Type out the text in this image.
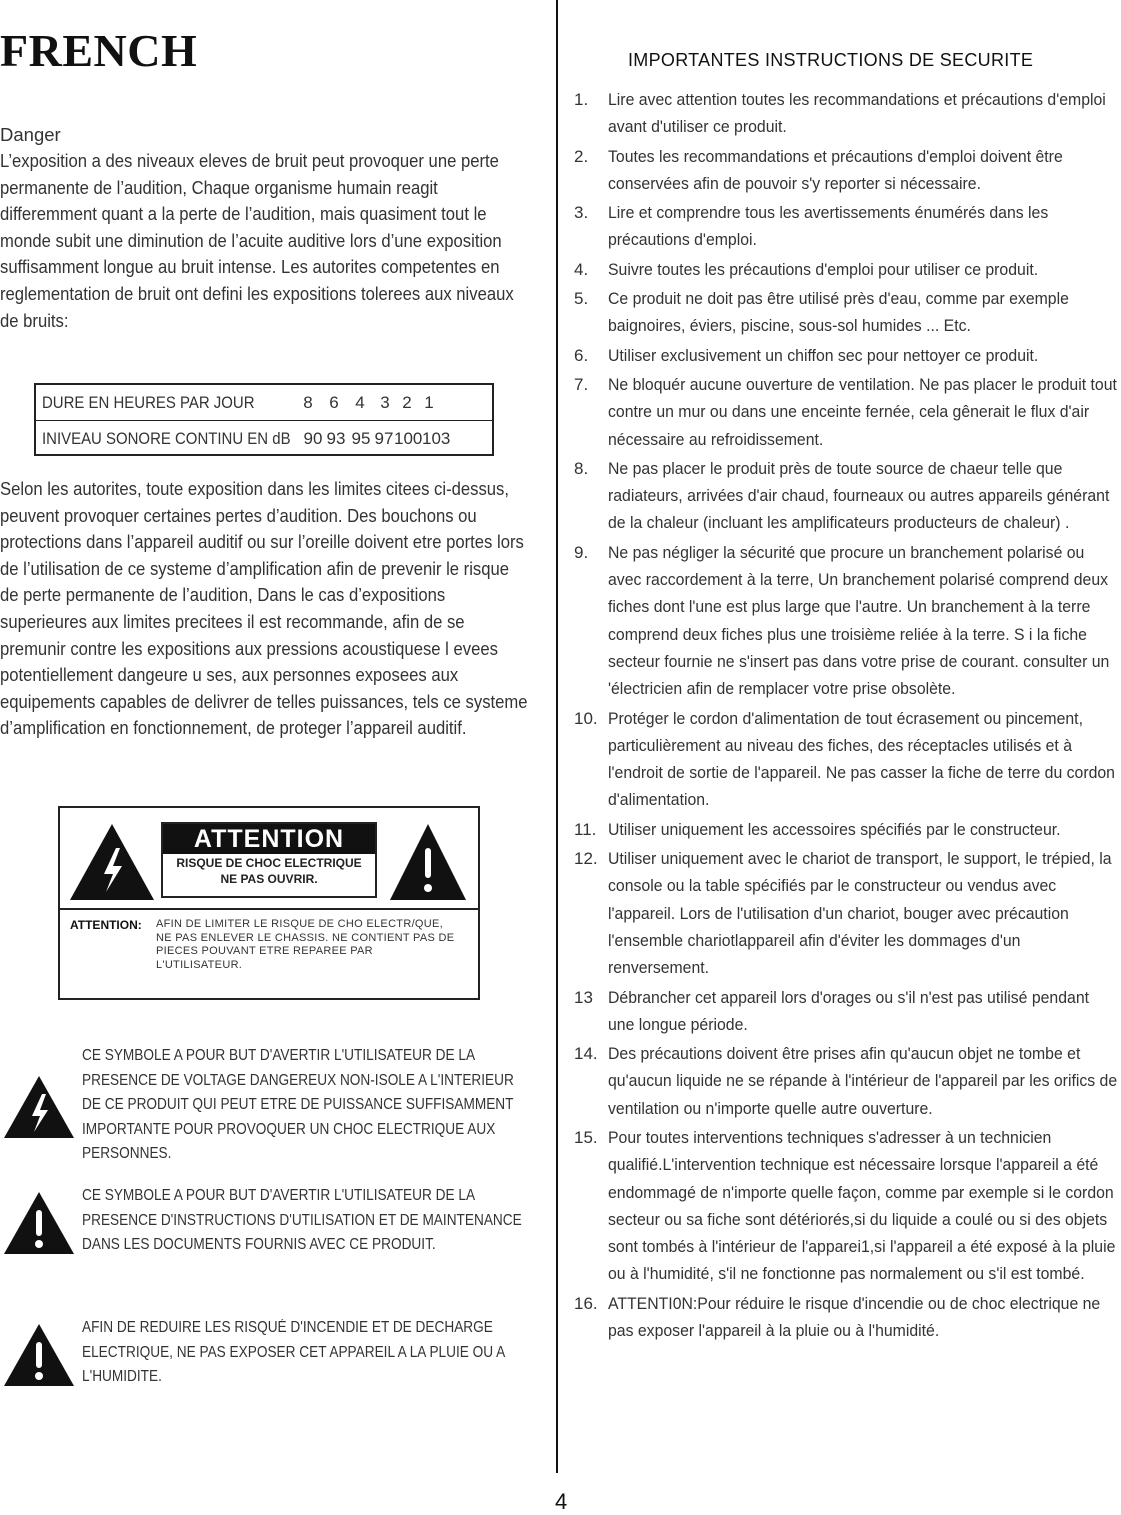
FRENCH
Danger
L’exposition a des niveaux eleves de bruit peut provoquer une perte permanente de l’audition, Chaque organisme humain reagit differemment quant a la perte de l’audition, mais quasiment tout le monde subit une diminution de l’acuite auditive lors d’une exposition suffisamment longue au bruit intense. Les autorites competentes en reglementation de bruit ont defini les expositions tolerees aux niveaux de bruits:
DURE EN HEURES PAR JOUR	8 6 4 3 2 1
INIVEAU SONORE CONTINU EN dB 90 93 95 97 100 103
Selon les autorites, toute exposition dans les limites citees ci-dessus, peuvent provoquer certaines pertes d’audition. Des bouchons ou protections dans l’appareil auditif ou sur l’oreille doivent etre portes lors de l’utilisation de ce systeme d’amplification afin de prevenir le risque de perte permanente de l’audition, Dans le cas d’expositions superieures aux limites precitees il est recommande, afin de se premunir contre les expositions aux pressions acoustiquese l evees potentiellement dangeure u ses, aux personnes exposees aux equipements capables de delivrer de telles puissances, tels ce systeme d’amplification en fonctionnement, de proteger l’appareil auditif.
ATTENTION
RISQUE DE CHOC ELECTRIQUE
NE PAS OUVRIR.
ATTENTION: AFIN DE LIMITER LE RISQUE DE CHO ELECTR/QUE, NE PAS ENLEVER LE CHASSIS. NE CONTIENT PAS DE PIECES POUVANT ETRE REPAREE PAR L'UTILISATEUR.
CE SYMBOLE A POUR BUT D'AVERTIR L'UTILISATEUR DE LA PRESENCE DE VOLTAGE DANGEREUX NON-ISOLE A L'INTERIEUR DE CE PRODUIT QUI PEUT ETRE DE PUISSANCE SUFFISAMMENT IMPORTANTE POUR PROVOQUER UN CHOC ELECTRIQUE AUX PERSONNES.
CE SYMBOLE A POUR BUT D'AVERTIR L'UTILISATEUR DE LA PRESENCE D'INSTRUCTIONS D'UTILISATION ET DE MAINTENANCE DANS LES DOCUMENTS FOURNIS AVEC CE PRODUIT.
AFIN DE REDUIRE LES RISQUÉ D'INCENDIE ET DE DECHARGE ELECTRIQUE, NE PAS EXPOSER CET APPAREIL A LA PLUIE OU A L'HUMIDITE.
IMPORTANTES INSTRUCTIONS DE SECURITE
1.	Lire avec attention toutes les recommandations et précautions d'emploi avant d'utiliser ce produit.
2.	Toutes les recommandations et précautions d'emploi doivent être conservées afin de pouvoir s'y reporter si nécessaire.
3.	Lire et comprendre tous les avertissements énumérés dans les précautions d'emploi.
4.	Suivre toutes les précautions d'emploi pour utiliser ce produit.
5.	Ce produit ne doit pas être utilisé près d'eau, comme par exemple baignoires, éviers, piscine, sous-sol humides ... Etc.
6.	Utiliser exclusivement un chiffon sec pour nettoyer ce produit.
7.	Ne bloquér aucune ouverture de ventilation. Ne pas placer le produit tout contre un mur ou dans une enceinte fernée, cela gênerait le flux d'air nécessaire au refroidissement.
8.	Ne pas placer le produit près de toute source de chaeur telle que radiateurs, arrivées d'air chaud, fourneaux ou autres appareils générant de la chaleur (incluant les amplificateurs producteurs de chaleur) .
9.	Ne pas négliger la sécurité que procure un branchement polarisé ou avec raccordement à la terre, Un branchement polarisé comprend deux fiches dont l'une est plus large que l'autre. Un branchement à la terre comprend deux fiches plus une troisième reliée à la terre. S i la fiche secteur fournie ne s'insert pas dans votre prise de courant. consulter un 'électricien afin de remplacer votre prise obsolète.
10. Protéger le cordon d'alimentation de tout écrasement ou pincement, particulièrement au niveau des fiches, des réceptacles utilisés et à l'endroit de sortie de l'appareil. Ne pas casser la fiche de terre du cordon d'alimentation.
11. Utiliser uniquement les accessoires spécifiés par le constructeur.
12. Utiliser uniquement avec le chariot de transport, le support, le trépied, la console ou la table spécifiés par le constructeur ou vendus avec l'appareil. Lors de l'utilisation d'un chariot, bouger avec précaution l'ensemble chariotlappareil afin d'éviter les dommages d'un renversement.
13 Débrancher cet appareil lors d'orages ou s'il n'est pas utilisé pendant une longue période.
14. Des précautions doivent être prises afin qu'aucun objet ne tombe et qu'aucun liquide ne se répande à l'intérieur de l'appareil par les orifics de ventilation ou n'importe quelle autre ouverture.
15. Pour toutes interventions techniques s'adresser à un technicien qualifié.L'intervention technique est nécessaire lorsque l'appareil a été endommagé de n'importe quelle façon, comme par exemple si le cordon secteur ou sa fiche sont détériorés,si du liquide a coulé ou si des objets sont tombés à l'intérieur de l'apparei1,si l'appareil a été exposé à la pluie ou à l'humidité, s'il ne fonctionne pas normalement ou s'il est tombé.
16. ATTENTI0N:Pour réduire le risque d'incendie ou de choc electrique ne pas exposer l'appareil à la pluie ou à l'humidité.
4
